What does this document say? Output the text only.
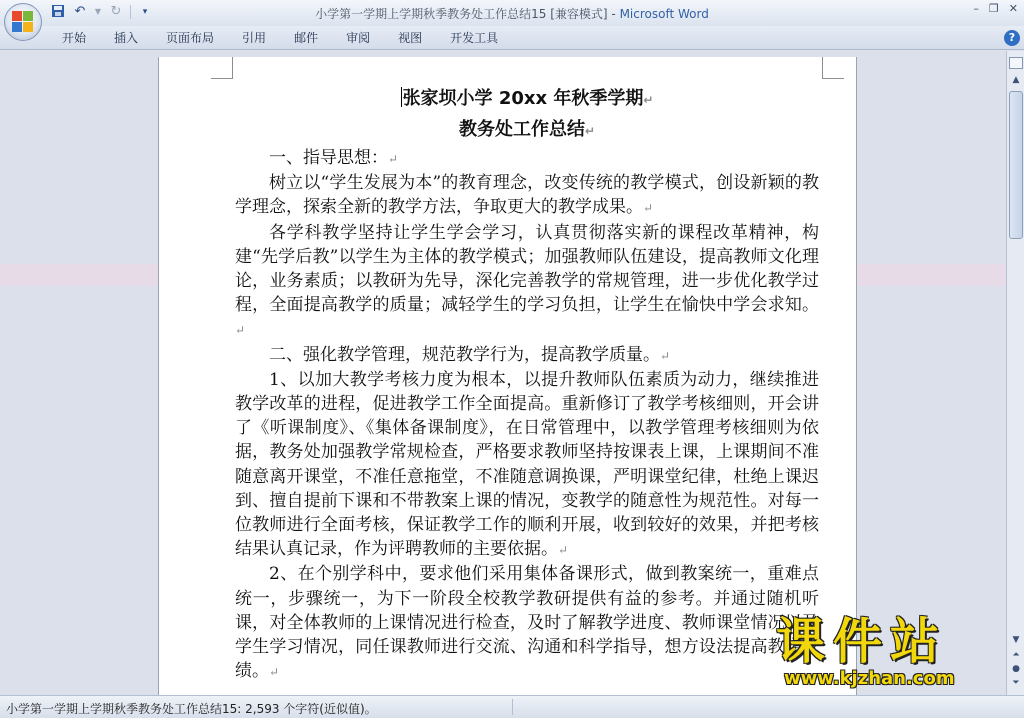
↶	▼ ↻	▾	小学第一学期上学期秋季教务处工作总结15 [兼容模式] - Microsoft Word	– ❐ ✕
开始	插入	页面布局	引用	邮件	审阅	视图	开发工具	?
张家坝小学 20xx 年秋季学期↵
教务处工作总结↵
一、指导思想：↵
树立以“学生发展为本”的教育理念，改变传统的教学模式，创设新颖的教学理念，探索全新的教学方法，争取更大的教学成果。↵
各学科教学坚持让学生学会学习，认真贯彻落实新的课程改革精神，构建“先学后教”以学生为主体的教学模式；加强教师队伍建设，提高教师文化理论，业务素质；以教研为先导，深化完善教学的常规管理，进一步优化教学过程，全面提高教学的质量；减轻学生的学习负担，让学生在愉快中学会求知。↵
二、强化教学管理，规范教学行为，提高教学质量。↵
1、以加大教学考核力度为根本，以提升教师队伍素质为动力，继续推进教学改革的进程，促进教学工作全面提高。重新修订了教学考核细则，开会讲了《听课制度》、《集体备课制度》，在日常管理中，以教学管理考核细则为依据，教务处加强教学常规检查，严格要求教师坚持按课表上课，上课期间不准随意离开课堂，不准任意拖堂，不准随意调换课，严明课堂纪律，杜绝上课迟到、擅自提前下课和不带教案上课的情况，变教学的随意性为规范性。对每一位教师进行全面考核，保证教学工作的顺利开展，收到较好的效果，并把考核结果认真记录，作为评聘教师的主要依据。↵
2、在个别学科中，要求他们采用集体备课形式，做到教案统一，重难点统一，步骤统一，为下一阶段全校教学教研提供有益的参考。并通过随机听课，对全体教师的上课情况进行检查，及时了解教学进度、教师课堂情况以及学生学习情况，同任课教师进行交流、沟通和科学指导，想方设法提高教学成绩。↵
▲
▼
⏶
●
⏷
小学第一学期上学期秋季教务处工作总结15: 2,593 个字符(近似值)。
课件站
www.kjzhan.com
